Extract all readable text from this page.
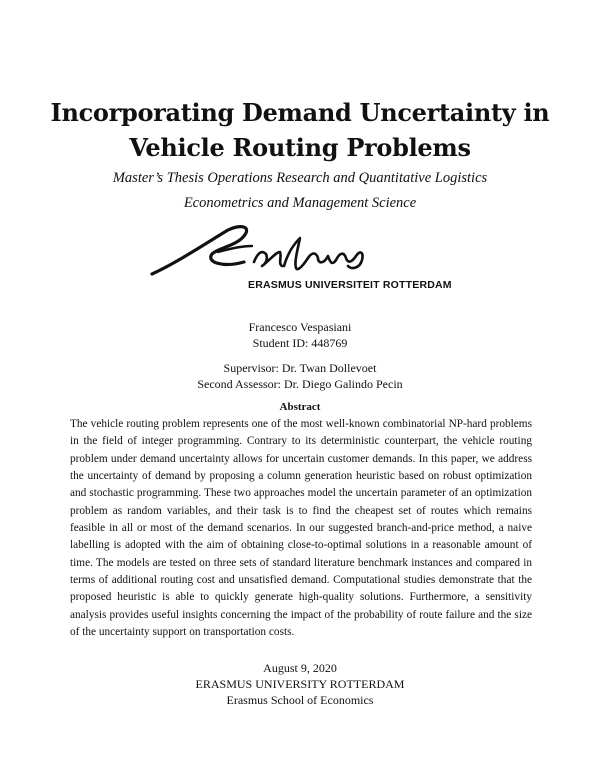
Incorporating Demand Uncertainty in
Vehicle Routing Problems
Master’s Thesis Operations Research and Quantitative Logistics
Econometrics and Management Science
ERASMUS UNIVERSITEIT ROTTERDAM
Francesco Vespasiani
Student ID: 448769
Supervisor: Dr. Twan Dollevoet
Second Assessor: Dr. Diego Galindo Pecin
Abstract
The vehicle routing problem represents one of the most well-known combinatorial NP-hard problems in the field of integer programming. Contrary to its deterministic counterpart, the vehicle routing problem under demand uncertainty allows for uncertain customer demands. In this paper, we address the uncertainty of demand by proposing a column generation heuristic based on robust optimization and stochastic programming. These two approaches model the uncertain parameter of an optimization problem as random variables, and their task is to find the cheapest set of routes which remains feasible in all or most of the demand scenarios. In our suggested branch-and-price method, a naive labelling is adopted with the aim of obtaining close-to-optimal solutions in a reasonable amount of time. The models are tested on three sets of standard literature benchmark instances and compared in terms of additional routing cost and unsatisfied demand. Computational studies demonstrate that the proposed heuristic is able to quickly generate high-quality solutions. Furthermore, a sensitivity analysis provides useful insights concerning the impact of the probability of route failure and the size of the uncertainty support on transportation costs.
August 9, 2020
ERASMUS UNIVERSITY ROTTERDAM
Erasmus School of Economics
